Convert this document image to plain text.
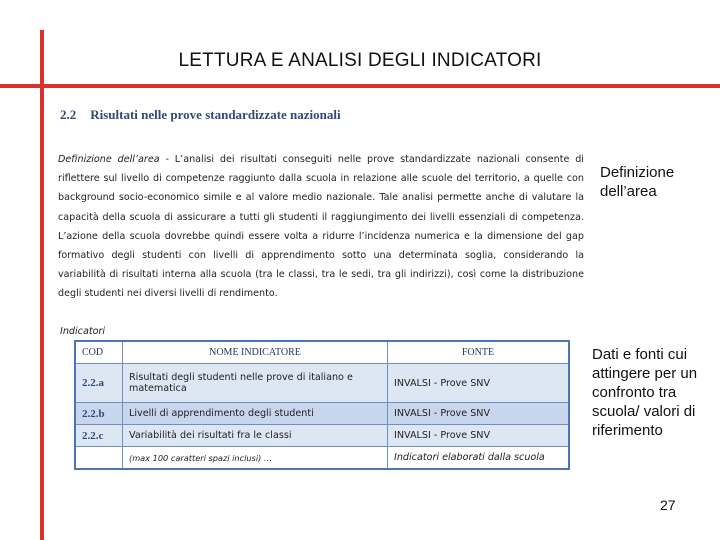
LETTURA E ANALISI DEGLI INDICATORI
2.2 Risultati nelle prove standardizzate nazionali
Definizione dell’area - L’analisi dei risultati conseguiti nelle prove standardizzate nazionali consente di riflettere sul livello di competenze raggiunto dalla scuola in relazione alle scuole del territorio, a quelle con background socio-economico simile e al valore medio nazionale. Tale analisi permette anche di valutare la capacità della scuola di assicurare a tutti gli studenti il raggiungimento dei livelli essenziali di competenza. L’azione della scuola dovrebbe quindi essere volta a ridurre l’incidenza numerica e la dimensione del gap formativo degli studenti con livelli di apprendimento sotto una determinata soglia, considerando la variabilità di risultati interna alla scuola (tra le classi, tra le sedi, tra gli indirizzi), così come la distribuzione degli studenti nei diversi livelli di rendimento.
Indicatori
COD	NOME INDICATORE	FONTE
2.2.a	Risultati degli studenti nelle prove di italiano e matematica	INVALSI - Prove SNV
2.2.b	Livelli di apprendimento degli studenti	INVALSI - Prove SNV
2.2.c	Variabilità dei risultati fra le classi	INVALSI - Prove SNV
	(max 100 caratteri spazi inclusi) …	Indicatori elaborati dalla scuola
Definizione dell’area
Dati e fonti cui attingere per un confronto tra scuola/ valori di riferimento
27
